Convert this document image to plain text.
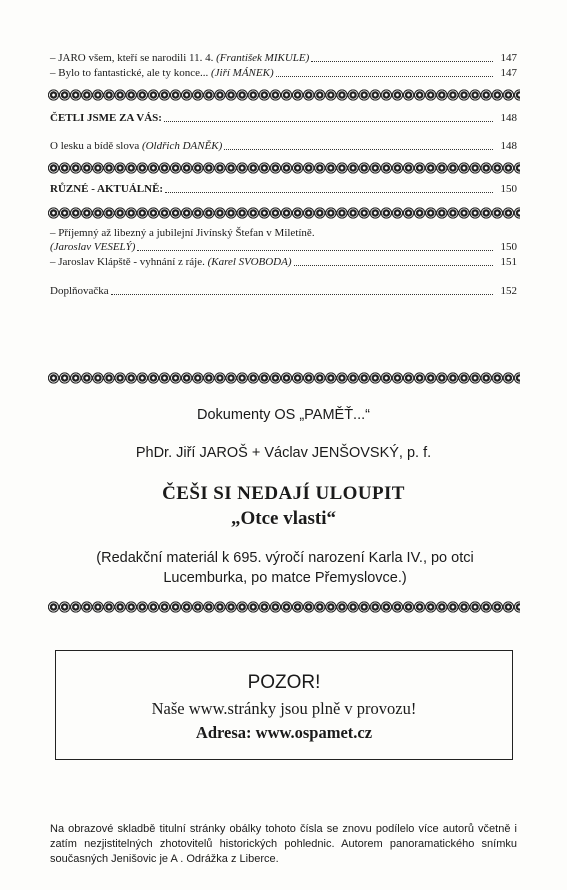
– JARO všem, kteří se narodili 11. 4. (František MIKULE)	147
– Bylo to fantastické, ale ty konce... (Jiří MÁNEK)	147
ČETLI JSME ZA VÁS:	148
O lesku a bídě slova (Oldřich DANĚK)	148
RŮZNÉ - AKTUÁLNĚ:	150
– Příjemný až libezný a jubilejní Jivínský Štefan v Miletíně.
(Jaroslav VESELÝ)	150
– Jaroslav Klápště - vyhnání z ráje. (Karel SVOBODA)	151
Doplňovačka	152
Dokumenty OS „PAMĚŤ...“
PhDr. Jiří JAROŠ + Václav JENŠOVSKÝ, p. f.
ČEŠI SI NEDAJÍ ULOUPIT
„Otce vlasti“
(Redakční materiál k 695. výročí narození Karla IV., po otci Lucemburka, po matce Přemyslovce.)
POZOR!
Naše www.stránky jsou plně v provozu!
Adresa: www.ospamet.cz
Na obrazové skladbě titulní stránky obálky tohoto čísla se znovu podílelo více autorů včetně i zatím nezjistitelných zhotovitelů historických pohlednic. Autorem panoramatického snímku současných Jenišovic je A . Odrážka z Liberce.
